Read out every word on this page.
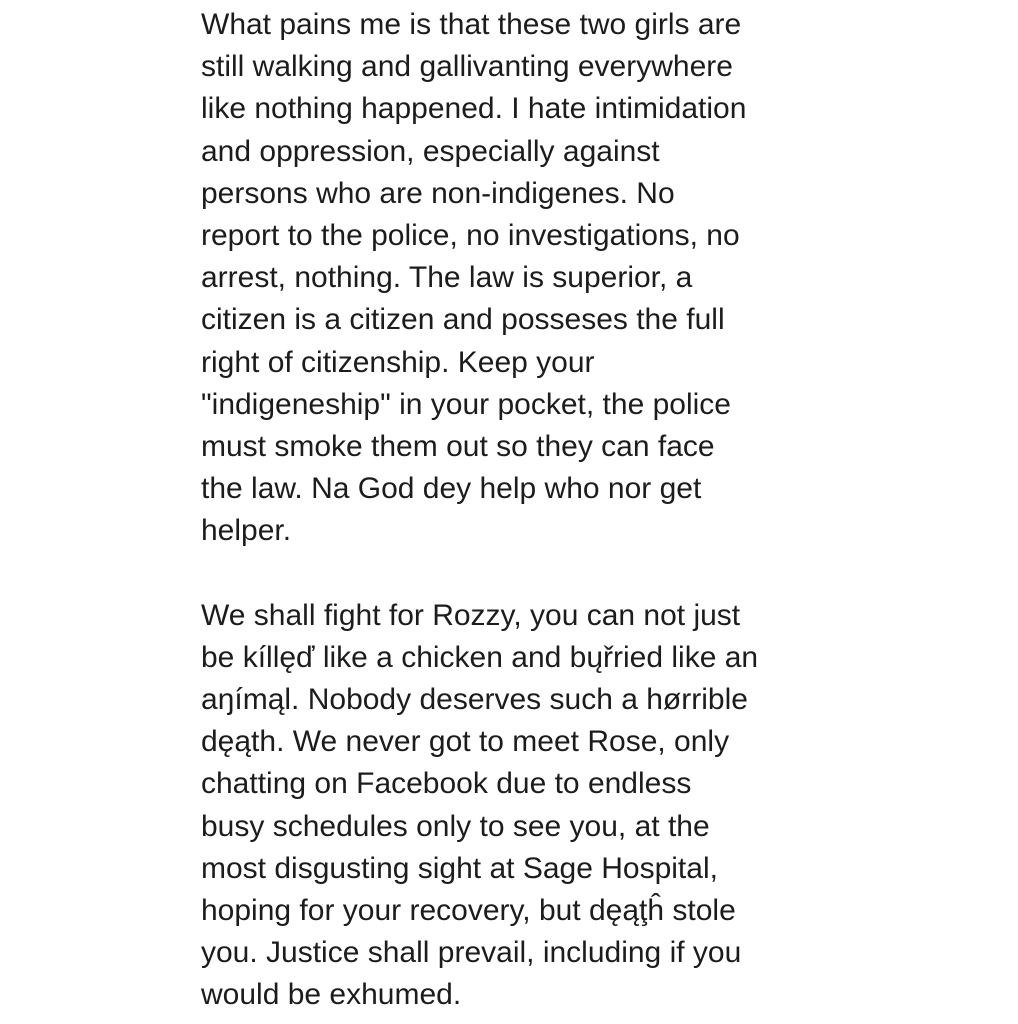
What pains me is that these two girls are
still walking and gallivanting everywhere
like nothing happened. I hate intimidation
and oppression, especially against
persons who are non-indigenes. No
report to the police, no investigations, no
arrest, nothing. The law is superior, a
citizen is a citizen and posseses the full
right of citizenship. Keep your
"indigeneship" in your pocket, the police
must smoke them out so they can face
the law. Na God dey help who nor get
helper.
We shall fight for Rozzy, you can not just
be kíllęď like a chicken and bųřried like an
aŋímąl. Nobody deserves such a hørrible
dęąth. We never got to meet Rose, only
chatting on Facebook due to endless
busy schedules only to see you, at the
most disgusting sight at Sage Hospital,
hoping for your recovery, but dęąţĥ stole
you. Justice shall prevail, including if you
would be exhumed.
